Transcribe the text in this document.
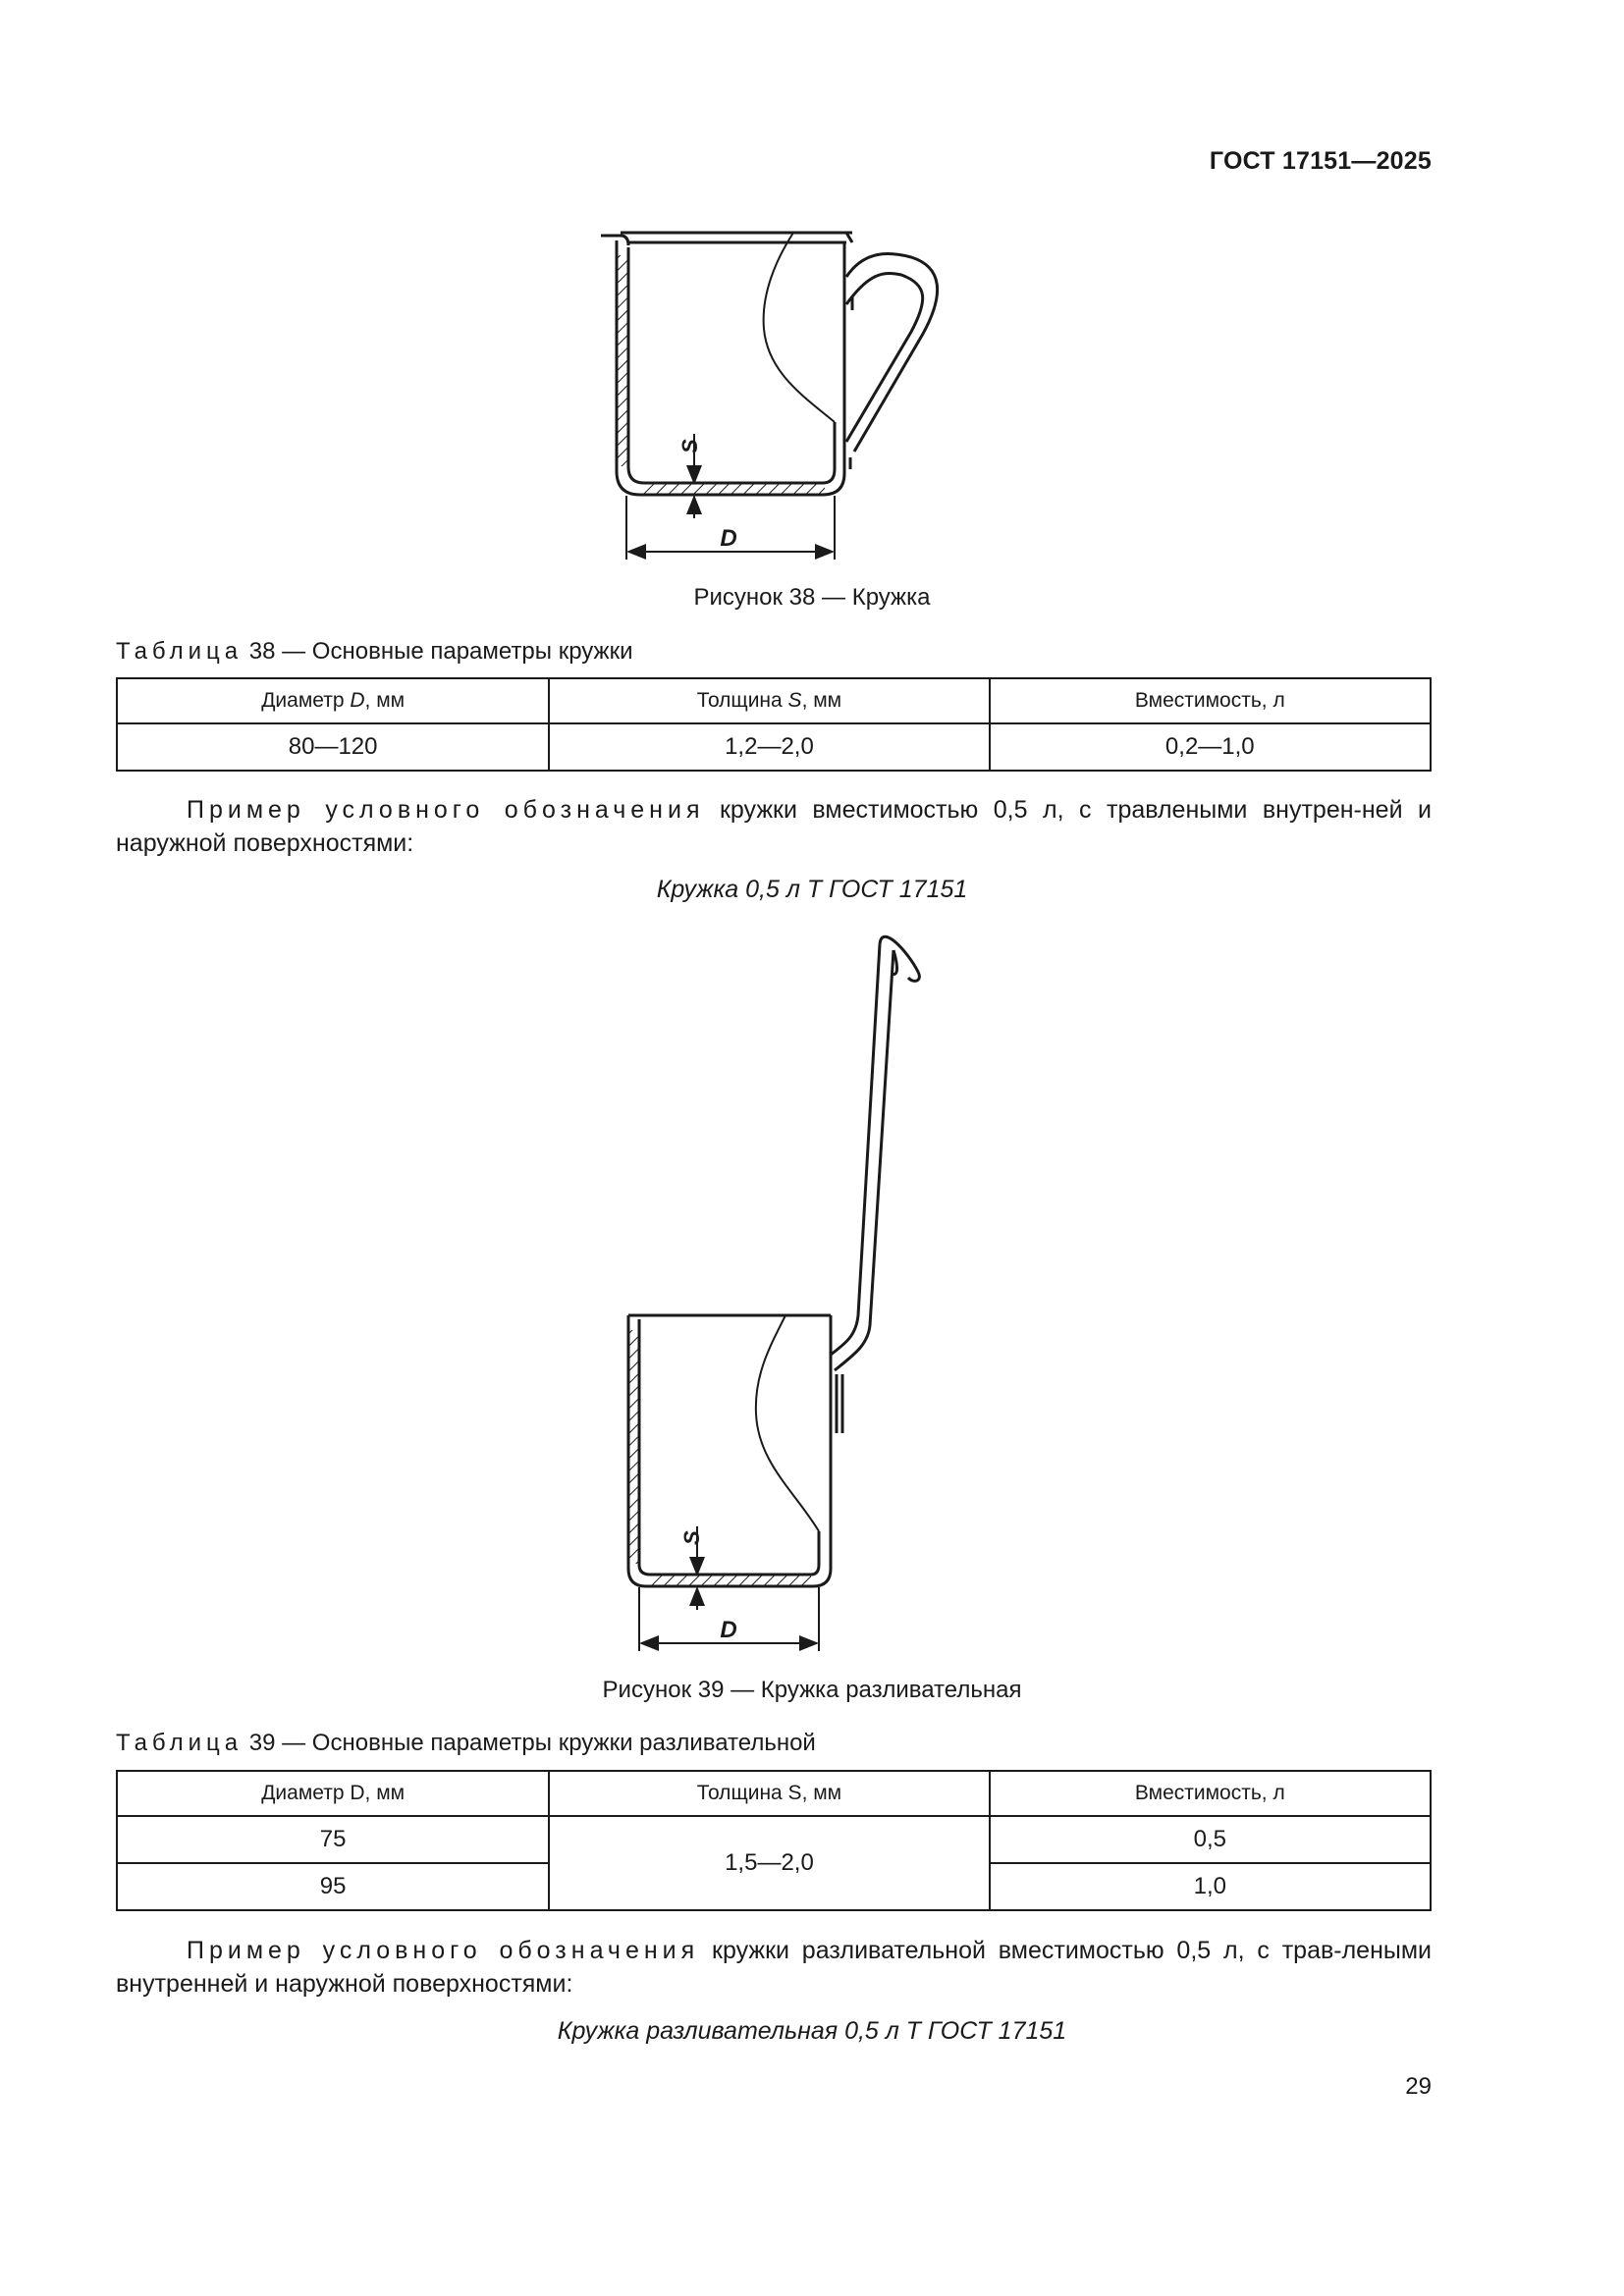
ГОСТ 17151—2025
S
D
Рисунок 38 — Кружка
Таблица 38 — Основные параметры кружки
Диаметр D, мм	Толщина S, мм	Вместимость, л
80—120	1,2—2,0	0,2—1,0
Пример условного обозначения кружки вместимостью 0,5 л, с травлеными внутрен-ней и наружной поверхностями:
Кружка 0,5 л Т ГОСТ 17151
S
D
Рисунок 39 — Кружка разливательная
Таблица 39 — Основные параметры кружки разливательной
Диаметр D, мм	Толщина S, мм	Вместимость, л
75	1,5—2,0	0,5
95		1,0
Пример условного обозначения кружки разливательной вместимостью 0,5 л, с трав-леными внутренней и наружной поверхностями:
Кружка разливательная 0,5 л Т ГОСТ 17151
29
